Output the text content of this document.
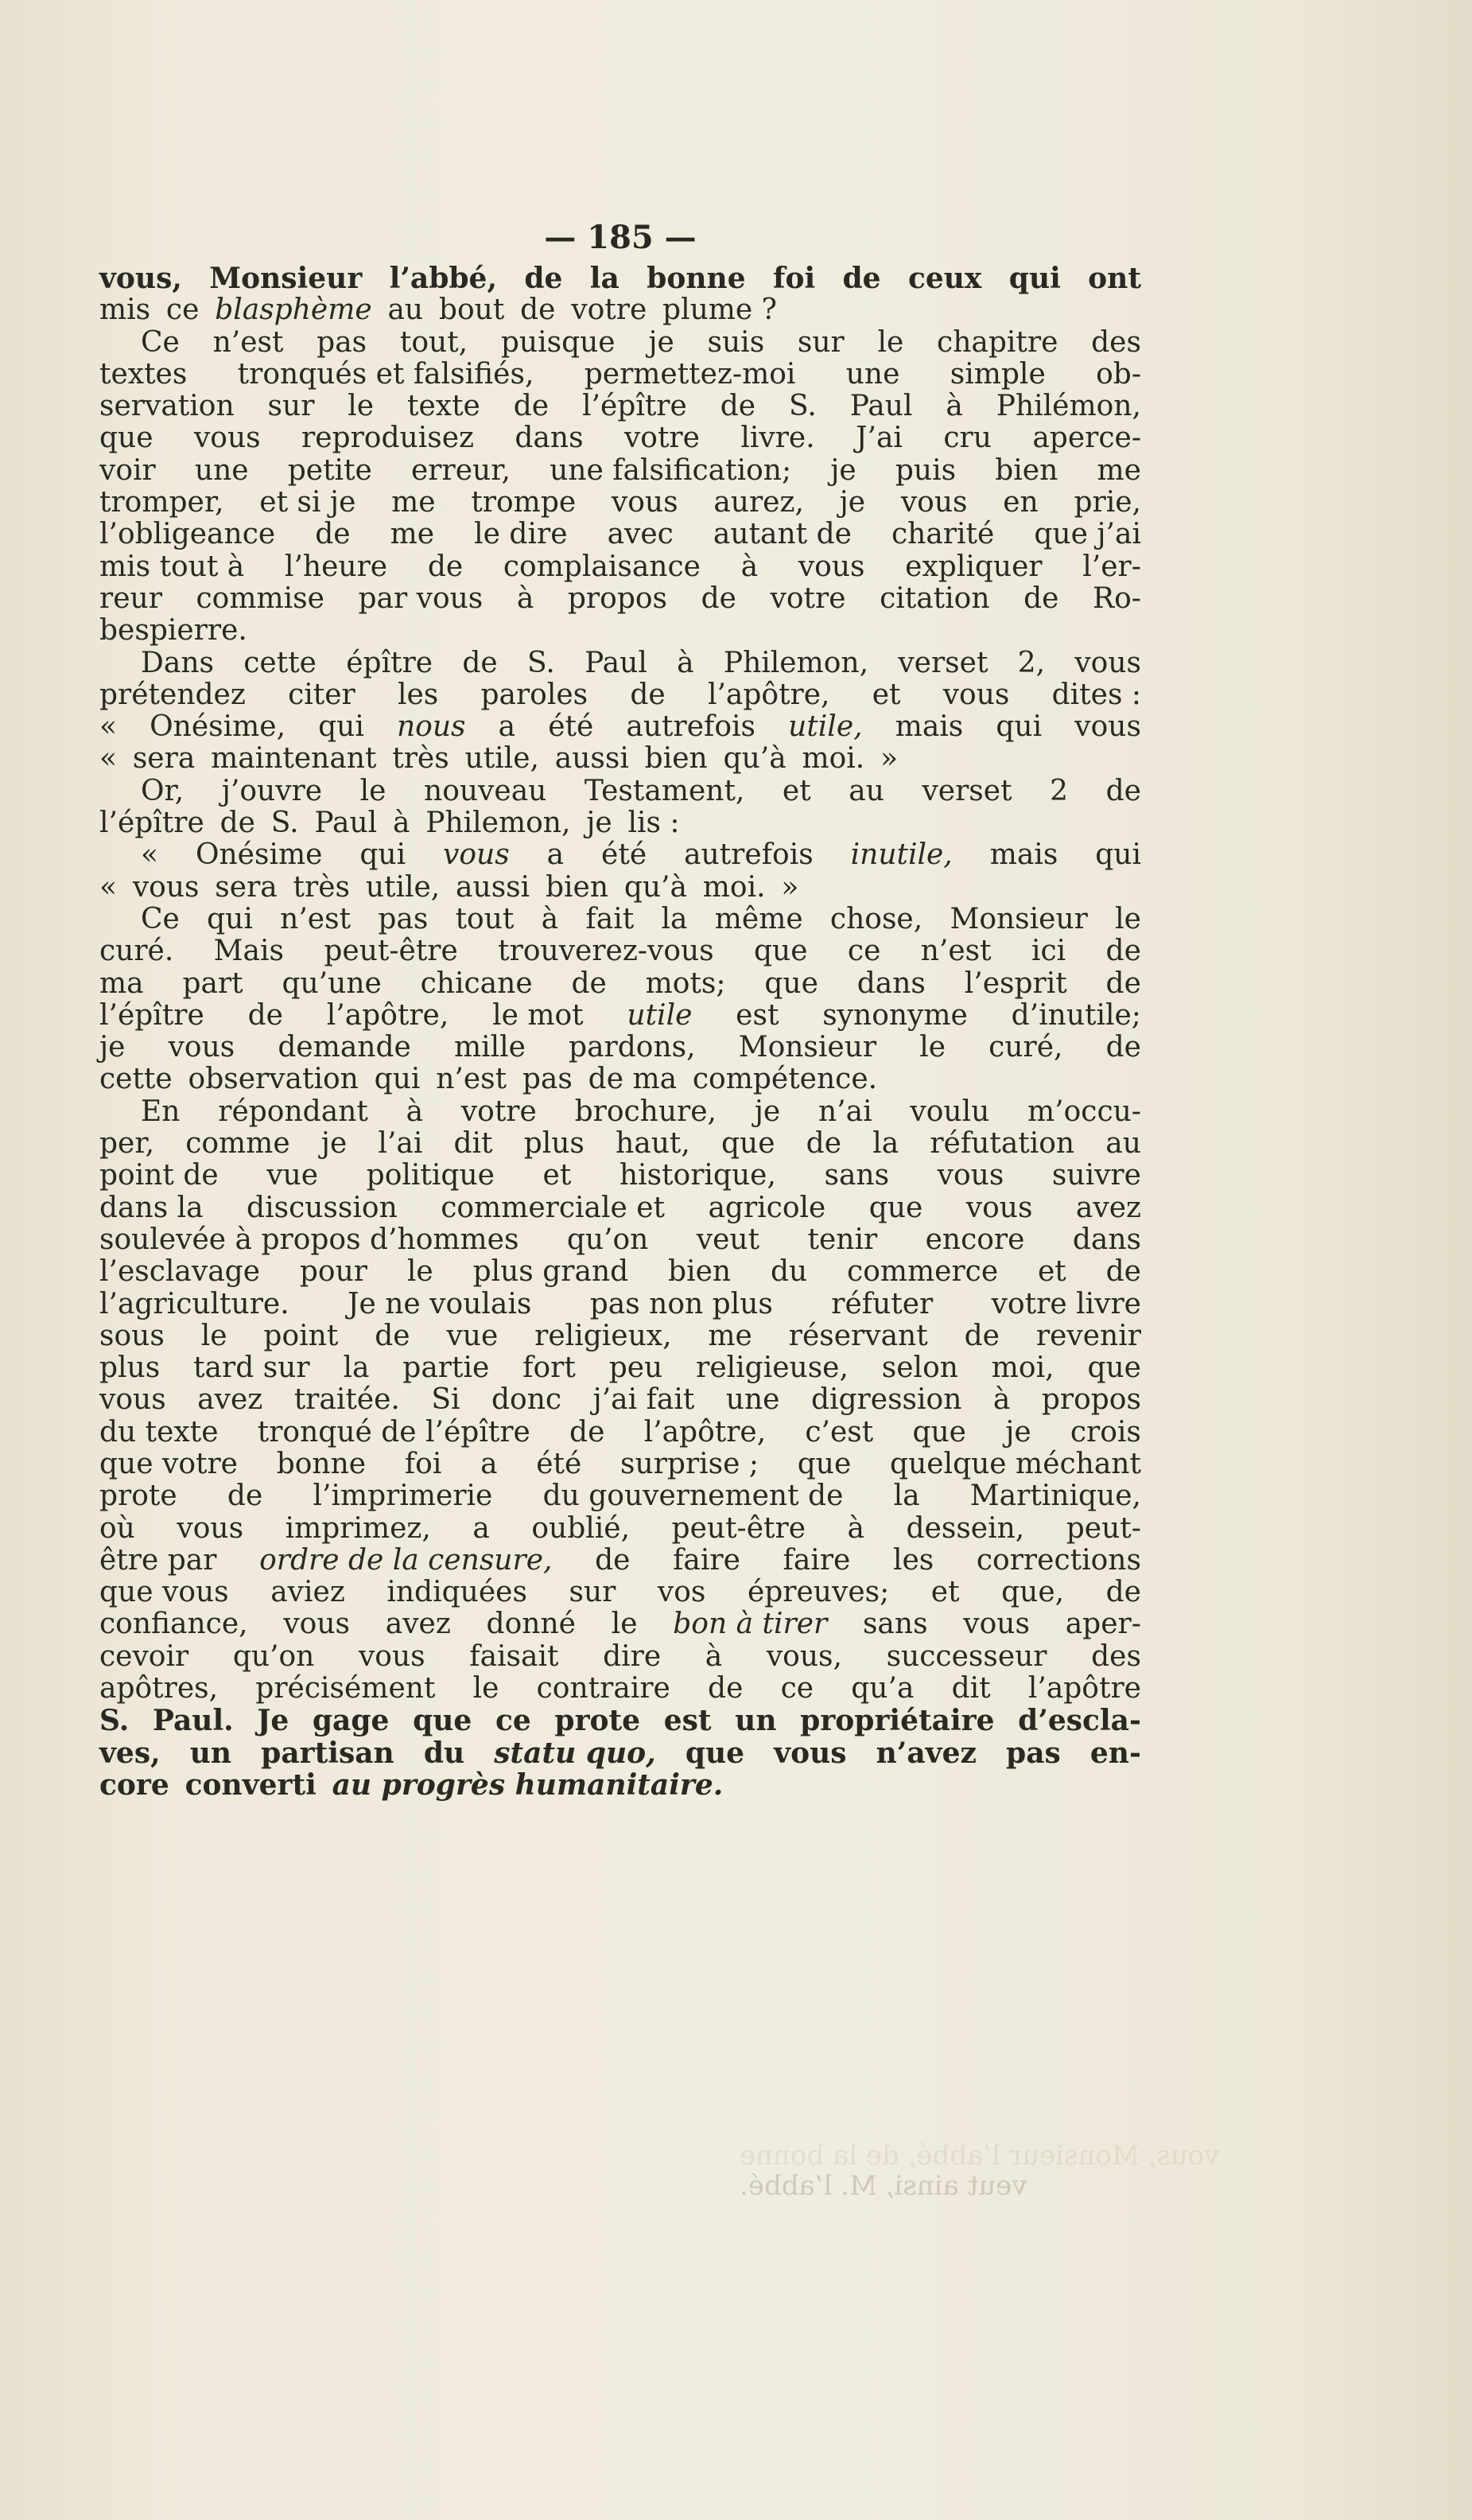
vous, Monsieur l’abbé, de la bonne
veut ainsi, M. l’abbé.
— 185 —
vous, Monsieur l’abbé, de la bonne foi de ceux qui ont
mis ce blasphème au bout de votre plume ?
Ce n’est pas tout, puisque je suis sur le chapitre des
textes tronqués et falsifiés, permettez-moi une simple ob-
servation sur le texte de l’épître de S. Paul à Philémon,
que vous reproduisez dans votre livre. J’ai cru aperce-
voir une petite erreur, une falsification; je puis bien me
tromper, et si je me trompe vous aurez, je vous en prie,
l’obligeance de me le dire avec autant de charité que j’ai
mis tout à l’heure de complaisance à vous expliquer l’er-
reur commise par vous à propos de votre citation de Ro-
bespierre.
Dans cette épître de S. Paul à Philemon, verset 2, vous
prétendez citer les paroles de l’apôtre, et vous dites :
« Onésime, qui nous a été autrefois utile, mais qui vous
« sera maintenant très utile, aussi bien qu’à moi. »
Or, j’ouvre le nouveau Testament, et au verset 2 de
l’épître de S. Paul à Philemon, je lis :
« Onésime qui vous a été autrefois inutile, mais qui
« vous sera très utile, aussi bien qu’à moi. »
Ce qui n’est pas tout à fait la même chose, Monsieur le
curé. Mais peut-être trouverez-vous que ce n’est ici de
ma part qu’une chicane de mots; que dans l’esprit de
l’épître de l’apôtre, le mot utile est synonyme d’inutile;
je vous demande mille pardons, Monsieur le curé, de
cette observation qui n’est pas de ma compétence.
En répondant à votre brochure, je n’ai voulu m’occu-
per, comme je l’ai dit plus haut, que de la réfutation au
point de vue politique et historique, sans vous suivre
dans la discussion commerciale et agricole que vous avez
soulevée à propos d’hommes qu’on veut tenir encore dans
l’esclavage pour le plus grand bien du commerce et de
l’agriculture. Je ne voulais pas non plus réfuter votre livre
sous le point de vue religieux, me réservant de revenir
plus tard sur la partie fort peu religieuse, selon moi, que
vous avez traitée. Si donc j’ai fait une digression à propos
du texte tronqué de l’épître de l’apôtre, c’est que je crois
que votre bonne foi a été surprise ; que quelque méchant
prote de l’imprimerie du gouvernement de la Martinique,
où vous imprimez, a oublié, peut-être à dessein, peut-
être par ordre de la censure, de faire faire les corrections
que vous aviez indiquées sur vos épreuves; et que, de
confiance, vous avez donné le bon à tirer sans vous aper-
cevoir qu’on vous faisait dire à vous, successeur des
apôtres, précisément le contraire de ce qu’a dit l’apôtre
S. Paul. Je gage que ce prote est un propriétaire d’escla-
ves, un partisan du statu quo, que vous n’avez pas en-
core converti au progrès humanitaire.
